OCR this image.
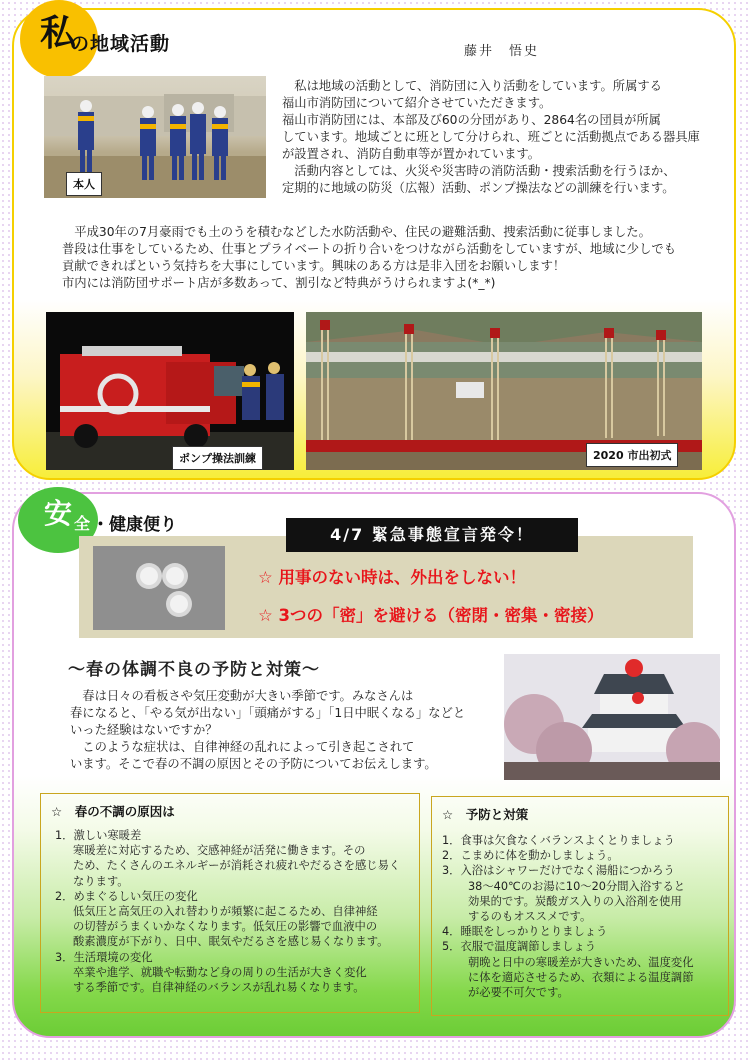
私
の地域活動	藤井　悟史
本人
　私は地域の活動として、消防団に入り活動をしています。所属する
福山市消防団について紹介させていただきます。
福山市消防団には、本部及び60の分団があり、2864名の団員が所属
しています。地域ごとに班として分けられ、班ごとに活動拠点である器具庫
が設置され、消防自動車等が置かれています。
　活動内容としては、火災や災害時の消防活動・捜索活動を行うほか、
定期的に地域の防災（広報）活動、ポンプ操法などの訓練を行います。
　平成30年の7月豪雨でも土のうを積むなどした水防活動や、住民の避難活動、捜索活動に従事しました。
普段は仕事をしているため、仕事とプライベートの折り合いをつけながら活動をしていますが、地域に少しでも
貢献できればという気持ちを大事にしています。興味のある方は是非入団をお願いします！
市内には消防団サポート店が多数あって、割引など特典がうけられますよ(*_*)
ポンプ操法訓練	2020 市出初式
安 全 ・健康便り	4/7 緊急事態宣言発令！
☆ 用事のない時は、外出をしない！
☆ 3つの「密」を避ける（密閉・密集・密接）
～春の体調不良の予防と対策～
　春は日々の看板さや気圧変動が大きい季節です。みなさんは
春になると、「やる気が出ない」「頭痛がする」「1日中眠くなる」などと
いった経験はないですか？
　このような症状は、自律神経の乱れによって引き起こされて
います。そこで春の不調の原因とその予防についてお伝えします。
☆　春の不調の原因は
1．激しい寒暖差
寒暖差に対応するため、交感神経が活発に働きます。その
ため、たくさんのエネルギーが消耗され疲れやだるさを感じ易く
なります。
2．めまぐるしい気圧の変化
低気圧と高気圧の入れ替わりが頻繁に起こるため、自律神経
の切替がうまくいかなくなります。低気圧の影響で血液中の
酸素濃度が下がり、日中、眠気やだるさを感じ易くなります。
3．生活環境の変化
卒業や進学、就職や転勤など身の周りの生活が大きく変化
する季節です。自律神経のバランスが乱れ易くなります。
☆　予防と対策
1．食事は欠食なくバランスよくとりましょう
2．こまめに体を動かしましょう。
3．入浴はシャワーだけでなく湯船につかろう
38～40℃のお湯に10～20分間入浴すると
効果的です。炭酸ガス入りの入浴剤を使用
するのもオススメです。
4．睡眠をしっかりとりましょう
5．衣服で温度調節しましょう
朝晩と日中の寒暖差が大きいため、温度変化
に体を適応させるため、衣類による温度調節
が必要不可欠です。
